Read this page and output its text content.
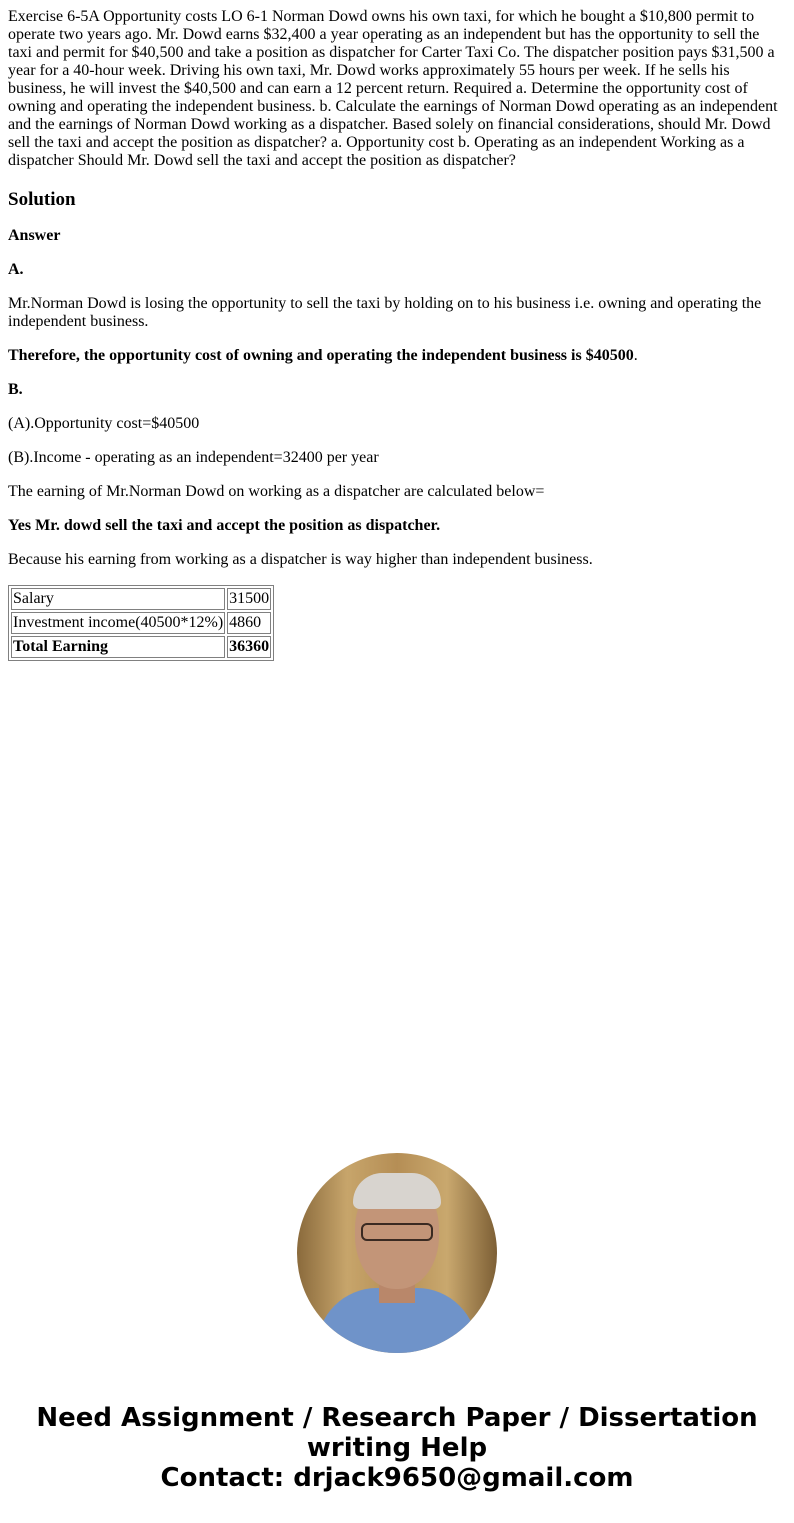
Exercise 6-5A Opportunity costs LO 6-1 Norman Dowd owns his own taxi, for which he bought a $10,800 permit to operate two years ago. Mr. Dowd earns $32,400 a year operating as an independent but has the opportunity to sell the taxi and permit for $40,500 and take a position as dispatcher for Carter Taxi Co. The dispatcher position pays $31,500 a year for a 40-hour week. Driving his own taxi, Mr. Dowd works approximately 55 hours per week. If he sells his business, he will invest the $40,500 and can earn a 12 percent return. Required a. Determine the opportunity cost of owning and operating the independent business. b. Calculate the earnings of Norman Dowd operating as an independent and the earnings of Norman Dowd working as a dispatcher. Based solely on financial considerations, should Mr. Dowd sell the taxi and accept the position as dispatcher? a. Opportunity cost b. Operating as an independent Working as a dispatcher Should Mr. Dowd sell the taxi and accept the position as dispatcher?

Solution

Answer

A.

Mr.Norman Dowd is losing the opportunity to sell the taxi by holding on to his business i.e. owning and operating the independent business.

Therefore, the opportunity cost of owning and operating the independent business is $40500.

B.

(A).Opportunity cost=$40500

(B).Income - operating as an independent=32400 per year

The earning of Mr.Norman Dowd on working as a dispatcher are calculated below=

Yes Mr. dowd sell the taxi and accept the position as dispatcher.

Because his earning from working as a dispatcher is way higher than independent business.

Salary	31500
Investment income(40500*12%)	4860
Total Earning	36360
Need Assignment / Research Paper / Dissertation writing Help
Contact: drjack9650@gmail.com
